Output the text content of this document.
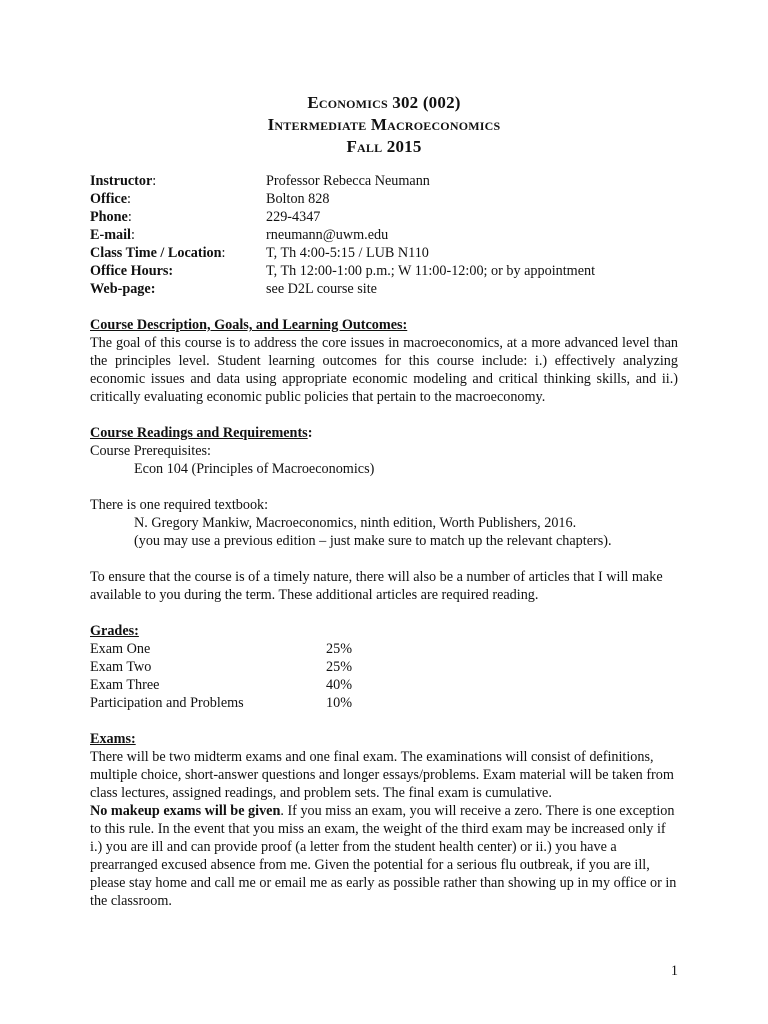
Economics 302 (002)
Intermediate Macroeconomics
Fall 2015
Instructor:	Professor Rebecca Neumann
Office:	Bolton 828
Phone:	229-4347
E-mail:	rneumann@uwm.edu
Class Time / Location:	T, Th 4:00-5:15 / LUB N110
Office Hours:	T, Th 12:00-1:00 p.m.; W 11:00-12:00; or by appointment
Web-page:	see D2L course site
Course Description, Goals, and Learning Outcomes:

The goal of this course is to address the core issues in macroeconomics, at a more advanced level than the principles level. Student learning outcomes for this course include: i.) effectively analyzing economic issues and data using appropriate economic modeling and critical thinking skills, and ii.) critically evaluating economic public policies that pertain to the macroeconomy.

Course Readings and Requirements:
Course Prerequisites:
Econ 104 (Principles of Macroeconomics)
There is one required textbook:
N. Gregory Mankiw, Macroeconomics, ninth edition, Worth Publishers, 2016.
(you may use a previous edition – just make sure to match up the relevant chapters).

To ensure that the course is of a timely nature, there will also be a number of articles that I will make available to you during the term. These additional articles are required reading.

Grades:
Exam One	25%
Exam Two	25%
Exam Three	40%
Participation and Problems	10%
Exams:

There will be two midterm exams and one final exam. The examinations will consist of definitions, multiple choice, short-answer questions and longer essays/problems. Exam material will be taken from class lectures, assigned readings, and problem sets. The final exam is cumulative.

No makeup exams will be given. If you miss an exam, you will receive a zero. There is one exception to this rule. In the event that you miss an exam, the weight of the third exam may be increased only if i.) you are ill and can provide proof (a letter from the student health center) or ii.) you have a prearranged excused absence from me. Given the potential for a serious flu outbreak, if you are ill, please stay home and call me or email me as early as possible rather than showing up in my office or in the classroom.

1
